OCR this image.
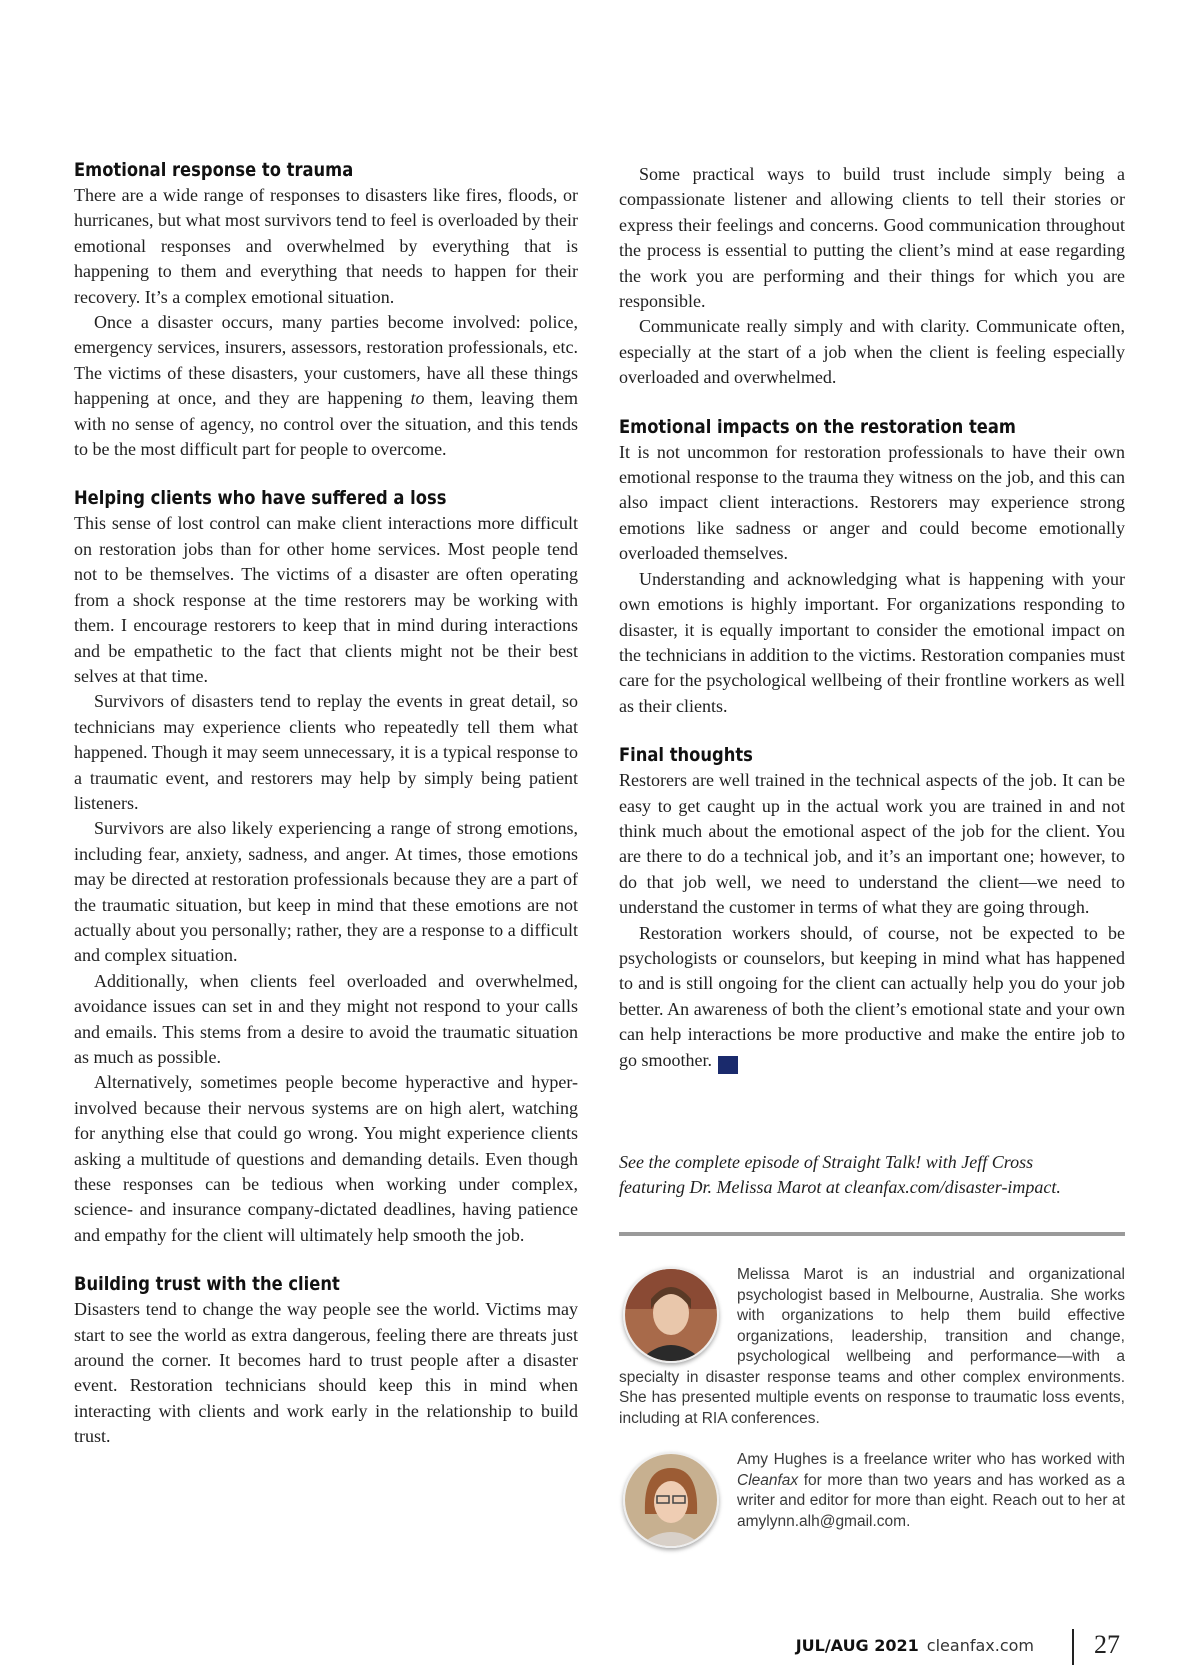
Emotional response to trauma

There are a wide range of responses to disasters like fires, floods, or hurricanes, but what most survivors tend to feel is overloaded by their emotional responses and overwhelmed by everything that is happening to them and everything that needs to happen for their recovery. It’s a complex emotional situation.

Once a disaster occurs, many parties become involved: police, emergency services, insurers, assessors, restoration professionals, etc. The victims of these disasters, your customers, have all these things happening at once, and they are happening to them, leaving them with no sense of agency, no control over the situation, and this tends to be the most difficult part for people to overcome.

Helping clients who have suffered a loss

This sense of lost control can make client interactions more difficult on restoration jobs than for other home services. Most people tend not to be themselves. The victims of a disaster are often operating from a shock response at the time restorers may be working with them. I encourage restorers to keep that in mind during interactions and be empathetic to the fact that clients might not be their best selves at that time.

Survivors of disasters tend to replay the events in great detail, so technicians may experience clients who repeatedly tell them what happened. Though it may seem unnecessary, it is a typical response to a traumatic event, and restorers may help by simply being patient listeners.

Survivors are also likely experiencing a range of strong emotions, including fear, anxiety, sadness, and anger. At times, those emotions may be directed at restoration professionals because they are a part of the traumatic situation, but keep in mind that these emotions are not actually about you personally; rather, they are a response to a difficult and complex situation.

Additionally, when clients feel overloaded and overwhelmed, avoidance issues can set in and they might not respond to your calls and emails. This stems from a desire to avoid the traumatic situation as much as possible.

Alternatively, sometimes people become hyperactive and hyper-involved because their nervous systems are on high alert, watching for anything else that could go wrong. You might experience clients asking a multitude of questions and demanding details. Even though these responses can be tedious when working under complex, science- and insurance company-dictated deadlines, having patience and empathy for the client will ultimately help smooth the job.

Building trust with the client

Disasters tend to change the way people see the world. Victims may start to see the world as extra dangerous, feeling there are threats just around the corner. It becomes hard to trust people after a disaster event. Restoration technicians should keep this in mind when interacting with clients and work early in the relationship to build trust.

Some practical ways to build trust include simply being a compassionate listener and allowing clients to tell their stories or express their feelings and concerns. Good communication throughout the process is essential to putting the client’s mind at ease regarding the work you are performing and their things for which you are responsible.

Communicate really simply and with clarity. Communicate often, especially at the start of a job when the client is feeling especially overloaded and overwhelmed.

Emotional impacts on the restoration team

It is not uncommon for restoration professionals to have their own emotional response to the trauma they witness on the job, and this can also impact client interactions. Restorers may experience strong emotions like sadness or anger and could become emotionally overloaded themselves.

Understanding and acknowledging what is happening with your own emotions is highly important. For organizations responding to disaster, it is equally important to consider the emotional impact on the technicians in addition to the victims. Restoration companies must care for the psychological wellbeing of their frontline workers as well as their clients.

Final thoughts

Restorers are well trained in the technical aspects of the job. It can be easy to get caught up in the actual work you are trained in and not think much about the emotional aspect of the job for the client. You are there to do a technical job, and it’s an important one; however, to do that job well, we need to understand the client—we need to understand the customer in terms of what they are going through.

Restoration workers should, of course, not be expected to be psychologists or counselors, but keeping in mind what has happened to and is still ongoing for the client can actually help you do your job better. An awareness of both the client’s emotional state and your own can help interactions be more productive and make the entire job to go smoother. CF

See the complete episode of Straight Talk! with Jeff Cross
featuring Dr. Melissa Marot at cleanfax.com/disaster-impact.
Melissa Marot is an industrial and organizational psychologist based in Melbourne, Australia. She works with organizations to help them build effective organizations, leadership, transition and change, psychological wellbeing and performance—with a specialty in disaster response teams and other complex environments. She has presented multiple events on response to traumatic loss events, including at RIA conferences.
Amy Hughes is a freelance writer who has worked with Cleanfax for more than two years and has worked as a writer and editor for more than eight. Reach out to her at amylynn.alh@gmail.com.
JUL/AUG 2021 cleanfax.com 27
